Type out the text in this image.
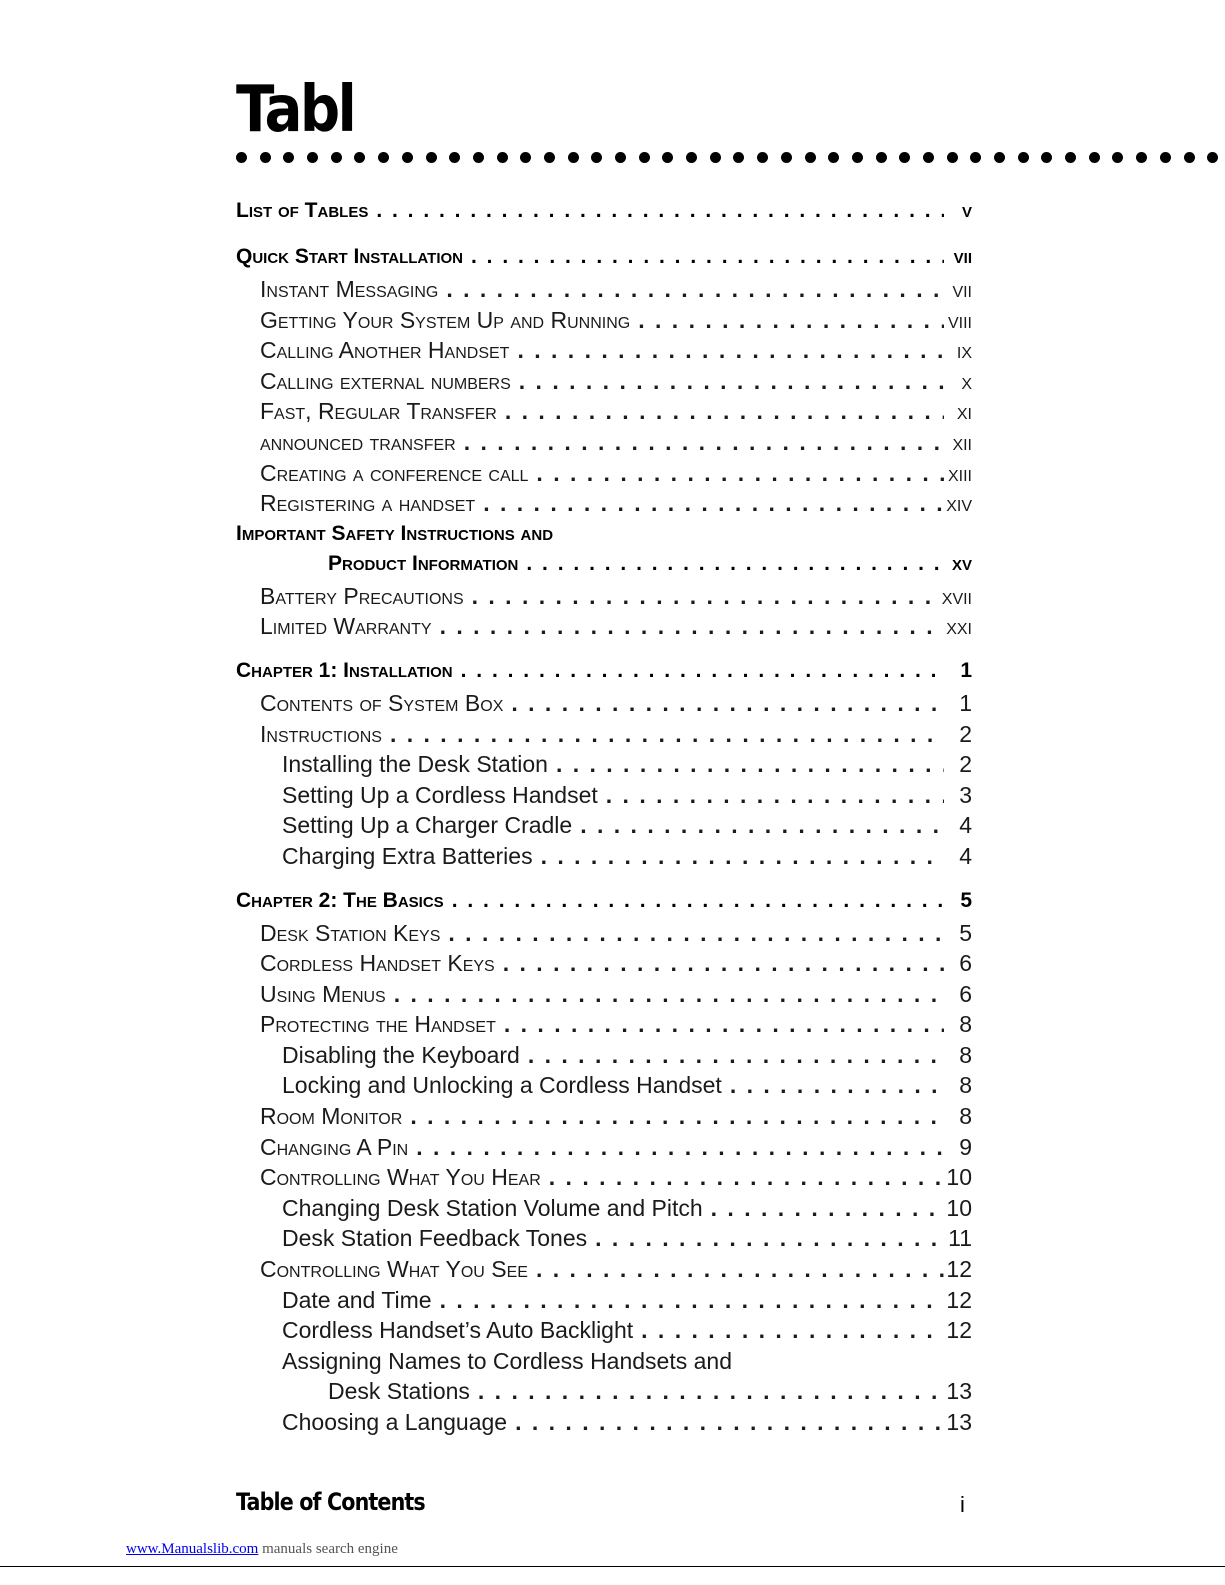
Tabl
List of Tables . . .	v
Quick Start Installation . . .	vii
Instant Messaging . . .	vii
Getting Your System Up and Running . . .	viii
Calling Another Handset . . .	ix
Calling external numbers . . .	x
Fast, Regular Transfer . . .	xi
announced transfer . . .	xii
Creating a conference call . . .	xiii
Registering a handset . . .	xiv
Important Safety Instructions and
Product Information . . .	xv
Battery Precautions . . .	xvii
Limited Warranty . . .	xxi
Chapter 1: Installation . . .	1
Contents of System Box . . .	1
Instructions . . .	2
Installing the Desk Station . . .	2
Setting Up a Cordless Handset . . .	3
Setting Up a Charger Cradle . . .	4
Charging Extra Batteries . . .	4
Chapter 2: The Basics . . .	5
Desk Station Keys . . .	5
Cordless Handset Keys . . .	6
Using Menus . . .	6
Protecting the Handset . . .	8
Disabling the Keyboard . . .	8
Locking and Unlocking a Cordless Handset . . .	8
Room Monitor . . .	8
Changing A Pin . . .	9
Controlling What You Hear . . .	10
Changing Desk Station Volume and Pitch . . .	10
Desk Station Feedback Tones . . .	11
Controlling What You See . . .	12
Date and Time . . .	12
Cordless Handset’s Auto Backlight . . .	12
Assigning Names to Cordless Handsets and
Desk Stations . . .	13
Choosing a Language . . .	13
Table of Contents	i
www.Manualslib.com manuals search engine
